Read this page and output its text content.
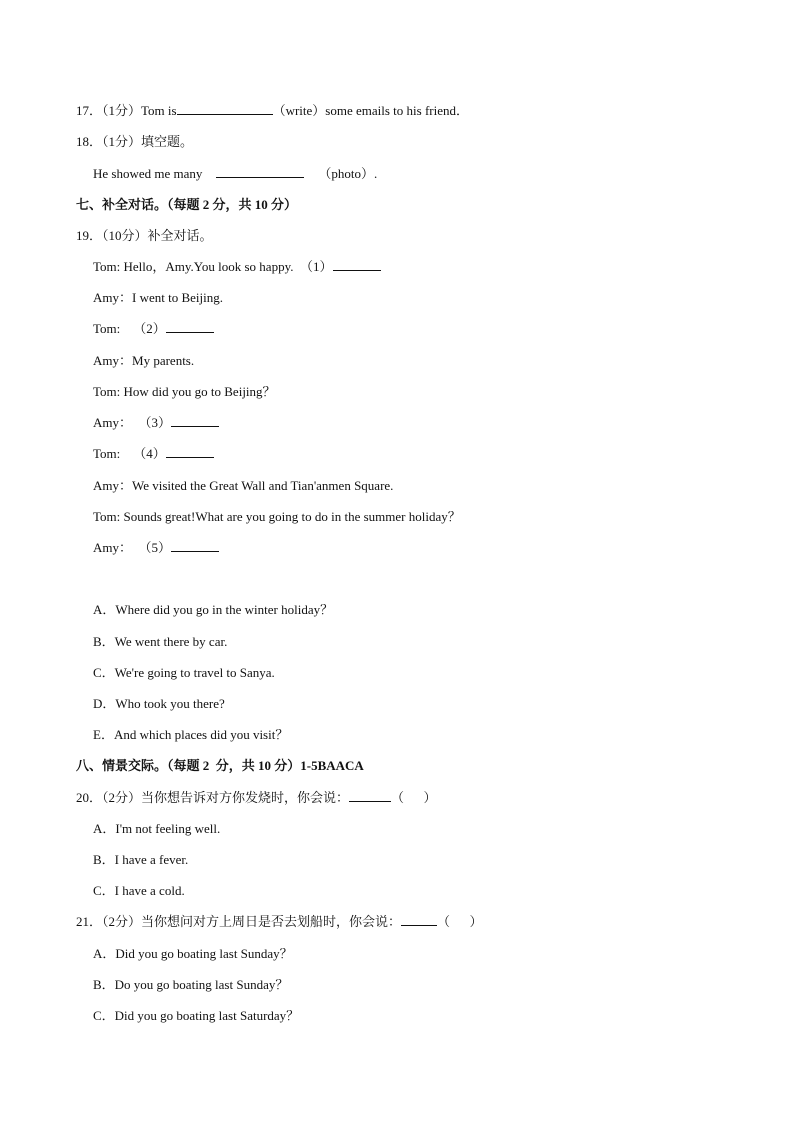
17．（1分）Tom is	（write）some emails to his friend．
18．（1分）填空题。
He showed me many	（photo）.
七、补全对话。（每题 2 分，共 10 分）
19．（10分）补全对话。
Tom: Hello，Amy.You look so happy. （1）
Amy：I went to Beijing.
Tom: （2）
Amy：My parents.
Tom: How did you go to Beijing？
Amy： （3）
Tom: （4）
Amy：We visited the Great Wall and Tian'anmen Square.
Tom: Sounds great!What are you going to do in the summer holiday？
Amy： （5）
A．Where did you go in the winter holiday？
B．We went there by car.
C．We're going to travel to Sanya.
D．Who took you there?
E．And which places did you visit？
八、情景交际。（每题 2  分，共 10 分）1-5BAACA
20．（2分）当你想告诉对方你发烧时，你会说：	（      ）
A．I'm not feeling well.
B．I have a fever.
C．I have a cold.
21．（2分）当你想问对方上周日是否去划船时，你会说：	（      ）
A．Did you go boating last Sunday？
B．Do you go boating last Sunday？
C．Did you go boating last Saturday？
